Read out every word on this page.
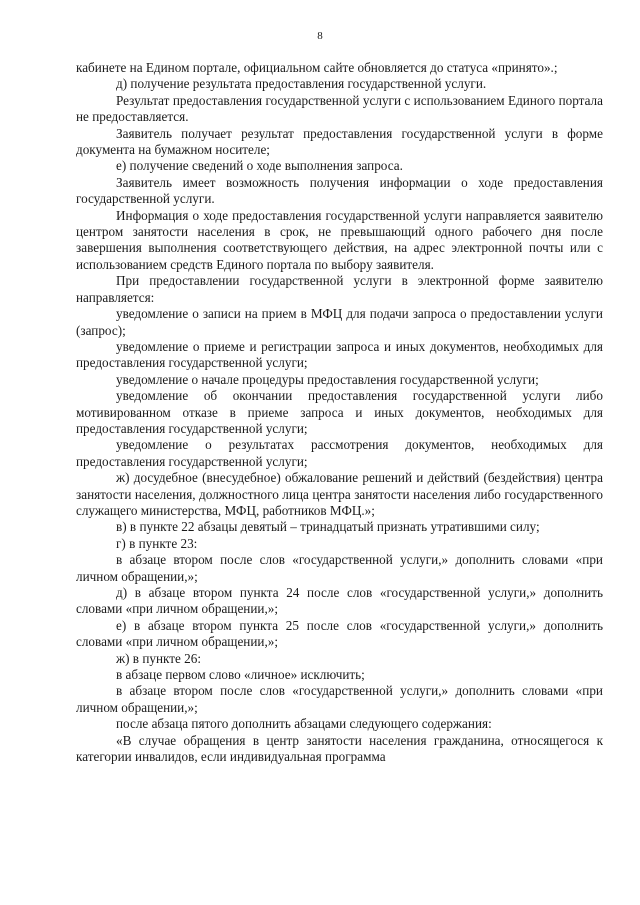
8

кабинете на Едином портале, официальном сайте обновляется до статуса «принято».;

д) получение результата предоставления государственной услуги.

Результат предоставления государственной услуги с использованием Единого портала не предоставляется.

Заявитель получает результат предоставления государственной услуги в форме документа на бумажном носителе;

е) получение сведений о ходе выполнения запроса.

Заявитель имеет возможность получения информации о ходе предоставления государственной услуги.

Информация о ходе предоставления государственной услуги направляется заявителю центром занятости населения в срок, не превышающий одного рабочего дня после завершения выполнения соответствующего действия, на адрес электронной почты или с использованием средств Единого портала по выбору заявителя.

При предоставлении государственной услуги в электронной форме заявителю направляется:

уведомление о записи на прием в МФЦ для подачи запроса о предоставлении услуги (запрос);

уведомление о приеме и регистрации запроса и иных документов, необходимых для предоставления государственной услуги;

уведомление о начале процедуры предоставления государственной услуги;

уведомление об окончании предоставления государственной услуги либо мотивированном отказе в приеме запроса и иных документов, необходимых для предоставления государственной услуги;

уведомление о результатах рассмотрения документов, необходимых для предоставления государственной услуги;

ж) досудебное (внесудебное) обжалование решений и действий (бездействия) центра занятости населения, должностного лица центра занятости населения либо государственного служащего министерства, МФЦ, работников МФЦ.»;

в) в пункте 22 абзацы девятый – тринадцатый признать утратившими силу;

г) в пункте 23:

в абзаце втором после слов «государственной услуги,» дополнить словами «при личном обращении,»;

д) в абзаце втором пункта 24 после слов «государственной услуги,» дополнить словами «при личном обращении,»;

е) в абзаце втором пункта 25 после слов «государственной услуги,» дополнить словами «при личном обращении,»;

ж) в пункте 26:

в абзаце первом слово «личное» исключить;

в абзаце втором после слов «государственной услуги,» дополнить словами «при личном обращении,»;

после абзаца пятого дополнить абзацами следующего содержания:

«В случае обращения в центр занятости населения гражданина, относящегося к категории инвалидов, если индивидуальная программа
